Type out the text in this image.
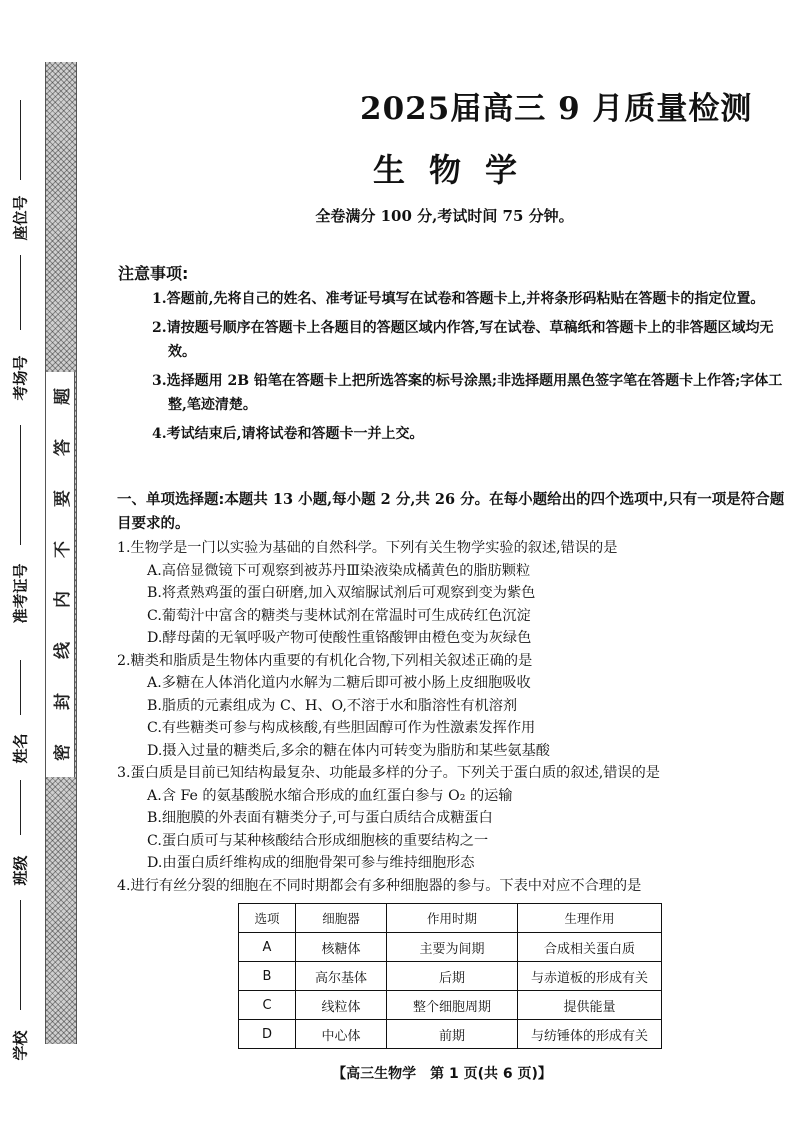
题
答
要
不
内
线
封
密
座位号
考场号
准考证号
姓名
班级
学校
2025届高三 9 月质量检测
生物学
全卷满分 100 分,考试时间 75 分钟。
注意事项:
1.答题前,先将自己的姓名、准考证号填写在试卷和答题卡上,并将条形码粘贴在答题卡的指定位置。
2.请按题号顺序在答题卡上各题目的答题区域内作答,写在试卷、草稿纸和答题卡上的非答题区域均无效。
3.选择题用 2B 铅笔在答题卡上把所选答案的标号涂黑;非选择题用黑色签字笔在答题卡上作答;字体工整,笔迹清楚。
4.考试结束后,请将试卷和答题卡一并上交。
一、单项选择题:本题共 13 小题,每小题 2 分,共 26 分。在每小题给出的四个选项中,只有一项是符合题目要求的。
1.生物学是一门以实验为基础的自然科学。下列有关生物学实验的叙述,错误的是
A.高倍显微镜下可观察到被苏丹Ⅲ染液染成橘黄色的脂肪颗粒
B.将煮熟鸡蛋的蛋白研磨,加入双缩脲试剂后可观察到变为紫色
C.葡萄汁中富含的糖类与斐林试剂在常温时可生成砖红色沉淀
D.酵母菌的无氧呼吸产物可使酸性重铬酸钾由橙色变为灰绿色
2.糖类和脂质是生物体内重要的有机化合物,下列相关叙述正确的是
A.多糖在人体消化道内水解为二糖后即可被小肠上皮细胞吸收
B.脂质的元素组成为 C、H、O,不溶于水和脂溶性有机溶剂
C.有些糖类可参与构成核酸,有些胆固醇可作为性激素发挥作用
D.摄入过量的糖类后,多余的糖在体内可转变为脂肪和某些氨基酸
3.蛋白质是目前已知结构最复杂、功能最多样的分子。下列关于蛋白质的叙述,错误的是
A.含 Fe 的氨基酸脱水缩合形成的血红蛋白参与 O₂ 的运输
B.细胞膜的外表面有糖类分子,可与蛋白质结合成糖蛋白
C.蛋白质可与某种核酸结合形成细胞核的重要结构之一
D.由蛋白质纤维构成的细胞骨架可参与维持细胞形态
4.进行有丝分裂的细胞在不同时期都会有多种细胞器的参与。下表中对应不合理的是
选项	细胞器	作用时期	生理作用
A	核糖体	主要为间期	合成相关蛋白质
B	高尔基体	后期	与赤道板的形成有关
C	线粒体	整个细胞周期	提供能量
D	中心体	前期	与纺锤体的形成有关
【高三生物学　第 1 页(共 6 页)】
